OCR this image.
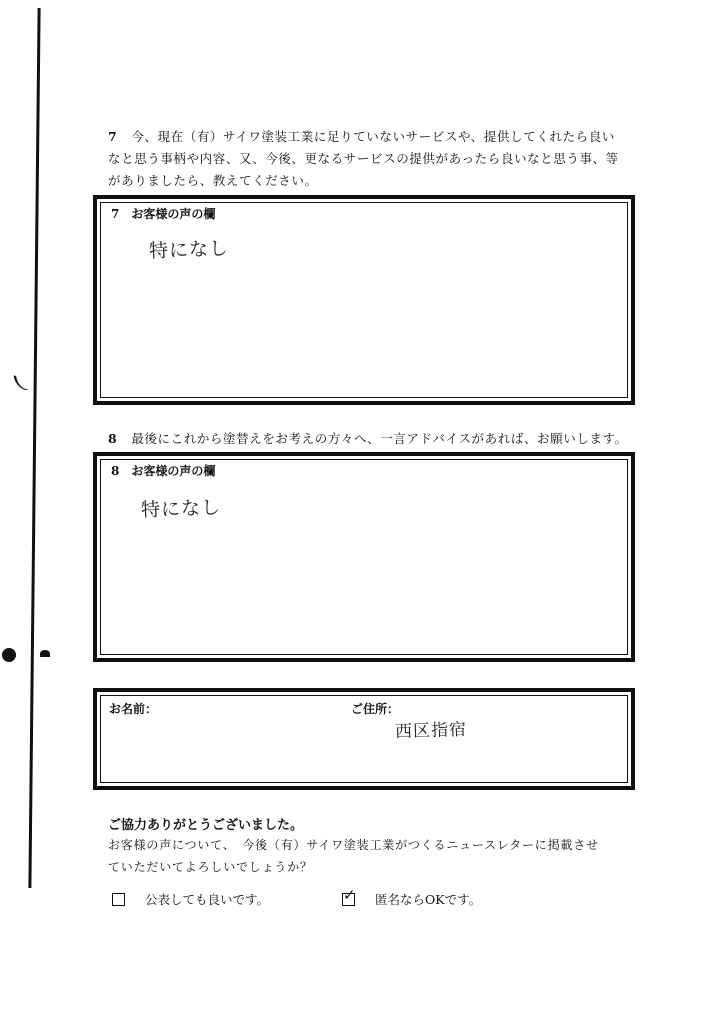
᭥
7 今、現在（有）サイワ塗装工業に足りていないサービスや、提供してくれたら良い
なと思う事柄や内容、又、今後、更なるサービスの提供があったら良いなと思う事、等
がありましたら、教えてください。
7 お客様の声の欄
特になし
8 最後にこれから塗替えをお考えの方々へ、一言アドバイスがあれば、お願いします。
8 お客様の声の欄
特になし
お名前：	ご住所：
西区指宿
ご協力ありがとうございました。
お客様の声について、　今後（有）サイワ塗装工業がつくるニュースレターに掲載させ
ていただいてよろしいでしょうか？
公表しても良いです。	✓ 匿名ならOKです。
